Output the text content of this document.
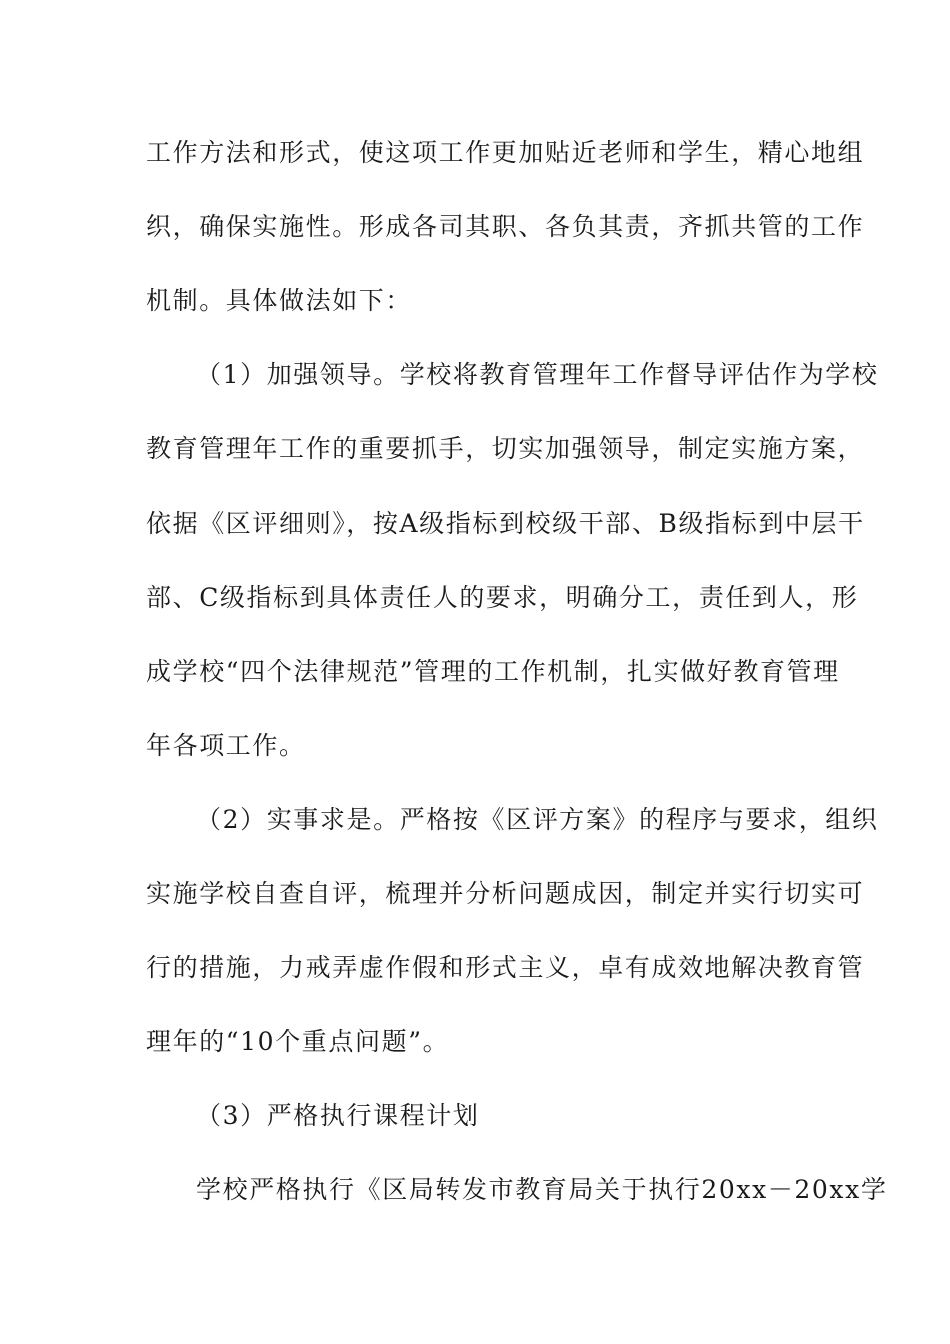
工作方法和形式，使这项工作更加贴近老师和学生，精心地组
织，确保实施性。形成各司其职、各负其责，齐抓共管的工作
机制。具体做法如下：
（1）加强领导。学校将教育管理年工作督导评估作为学校
教育管理年工作的重要抓手，切实加强领导，制定实施方案，
依据《区评细则》，按A级指标到校级干部、B级指标到中层干
部、C级指标到具体责任人的要求，明确分工，责任到人，形
成学校“四个法律规范”管理的工作机制，扎实做好教育管理
年各项工作。
（2）实事求是。严格按《区评方案》的程序与要求，组织
实施学校自查自评，梳理并分析问题成因，制定并实行切实可
行的措施，力戒弄虚作假和形式主义，卓有成效地解决教育管
理年的“10个重点问题”。
（3）严格执行课程计划
学校严格执行《区局转发市教育局关于执行20xx－20xx学
